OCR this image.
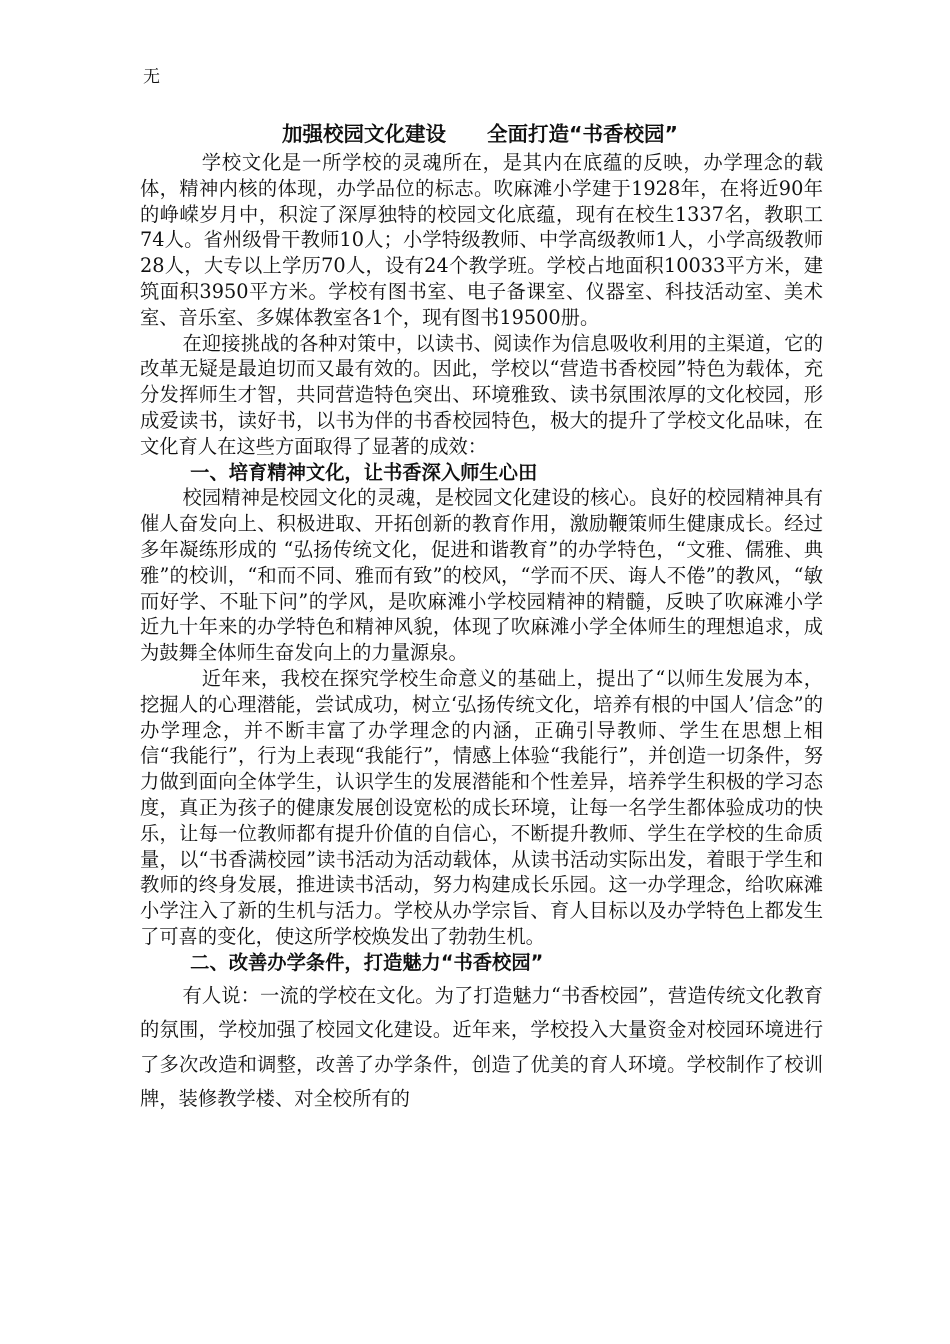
无
加强校园文化建设　　全面打造“书香校园”

学校文化是一所学校的灵魂所在，是其内在底蕴的反映，办学理念的载体，精神内核的体现，办学品位的标志。吹麻滩小学建于1928年，在将近90年的峥嵘岁月中，积淀了深厚独特的校园文化底蕴，现有在校生1337名，教职工74人。省州级骨干教师10人；小学特级教师、中学高级教师1人，小学高级教师28人，大专以上学历70人，设有24个教学班。学校占地面积10033平方米，建筑面积3950平方米。学校有图书室、电子备课室、仪器室、科技活动室、美术室、音乐室、多媒体教室各1个，现有图书19500册。

在迎接挑战的各种对策中，以读书、阅读作为信息吸收利用的主渠道，它的改革无疑是最迫切而又最有效的。因此，学校以“营造书香校园”特色为载体，充分发挥师生才智，共同营造特色突出、环境雅致、读书氛围浓厚的文化校园，形成爱读书，读好书，以书为伴的书香校园特色，极大的提升了学校文化品味，在文化育人在这些方面取得了显著的成效：

一、培育精神文化，让书香深入师生心田

校园精神是校园文化的灵魂，是校园文化建设的核心。良好的校园精神具有催人奋发向上、积极进取、开拓创新的教育作用，激励鞭策师生健康成长。经过多年凝练形成的 “弘扬传统文化，促进和谐教育”的办学特色，“文雅、儒雅、典雅”的校训，“和而不同、雅而有致”的校风，“学而不厌、诲人不倦”的教风，“敏而好学、不耻下问”的学风，是吹麻滩小学校园精神的精髓，反映了吹麻滩小学近九十年来的办学特色和精神风貌，体现了吹麻滩小学全体师生的理想追求，成为鼓舞全体师生奋发向上的力量源泉。

近年来，我校在探究学校生命意义的基础上，提出了“以师生发展为本，挖掘人的心理潜能，尝试成功，树立‘弘扬传统文化，培养有根的中国人’信念”的办学理念，并不断丰富了办学理念的内涵，正确引导教师、学生在思想上相信“我能行”，行为上表现“我能行”，情感上体验“我能行”，并创造一切条件，努力做到面向全体学生，认识学生的发展潜能和个性差异，培养学生积极的学习态度，真正为孩子的健康发展创设宽松的成长环境，让每一名学生都体验成功的快乐，让每一位教师都有提升价值的自信心，不断提升教师、学生在学校的生命质量，以“书香满校园”读书活动为活动载体，从读书活动实际出发，着眼于学生和教师的终身发展，推进读书活动，努力构建成长乐园。这一办学理念，给吹麻滩小学注入了新的生机与活力。学校从办学宗旨、育人目标以及办学特色上都发生了可喜的变化，使这所学校焕发出了勃勃生机。

二、改善办学条件，打造魅力“书香校园”

有人说：一流的学校在文化。为了打造魅力“书香校园”，营造传统文化教育的氛围，学校加强了校园文化建设。近年来，学校投入大量资金对校园环境进行了多次改造和调整，改善了办学条件，创造了优美的育人环境。学校制作了校训牌，装修教学楼、对全校所有的
